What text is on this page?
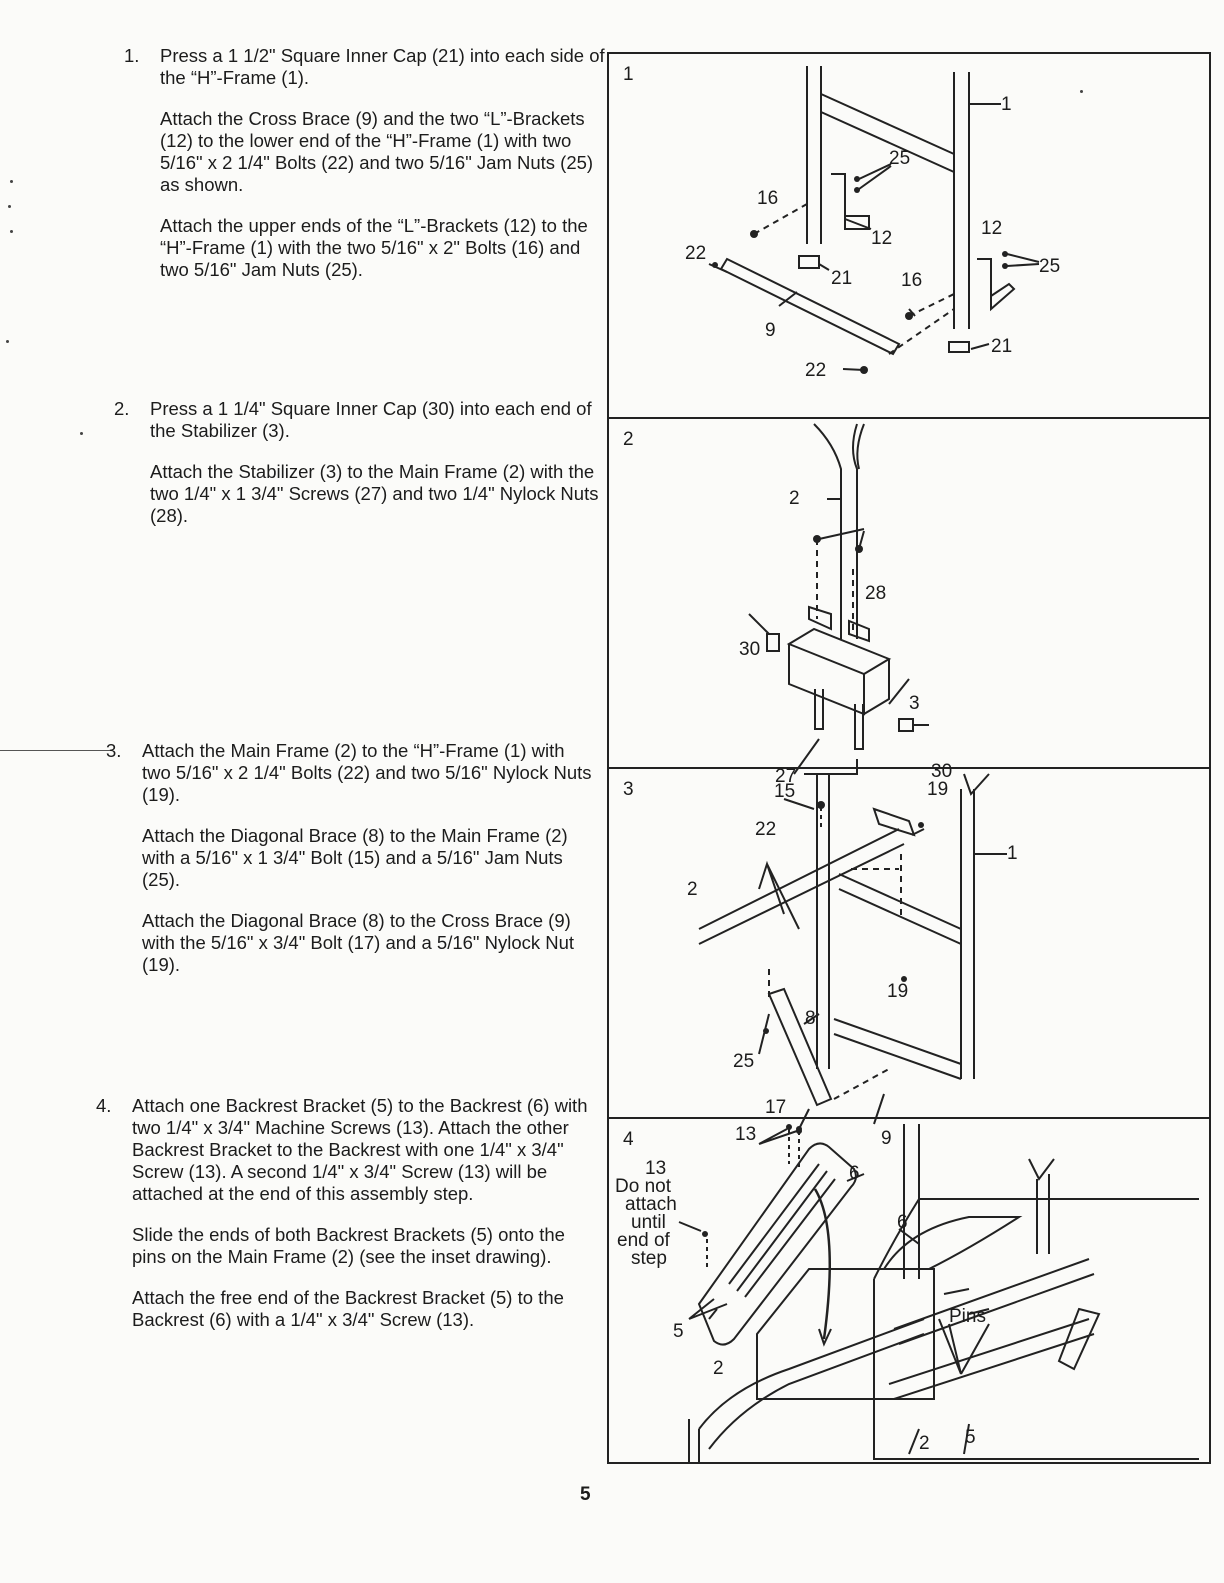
1. Press a 1 1/2" Square Inner Cap (21) into each side of the “H”-Frame (1).

Attach the Cross Brace (9) and the two “L”-Brackets (12) to the lower end of the “H”-Frame (1) with two 5/16" x 2 1/4" Bolts (22) and two 5/16" Jam Nuts (25) as shown.

Attach the upper ends of the “L”-Brackets (12) to the “H”-Frame (1) with the two 5/16" x 2" Bolts (16) and two 5/16" Jam Nuts (25).

2. Press a 1 1/4" Square Inner Cap (30) into each end of the Stabilizer (3).

Attach the Stabilizer (3) to the Main Frame (2) with the two 1/4" x 1 3/4" Screws (27) and two 1/4" Nylock Nuts (28).

3. Attach the Main Frame (2) to the “H”-Frame (1) with two 5/16" x 2 1/4" Bolts (22) and two 5/16" Nylock Nuts (19).

Attach the Diagonal Brace (8) to the Main Frame (2) with a 5/16" x 1 3/4" Bolt (15) and a 5/16" Jam Nuts (25).

Attach the Diagonal Brace (8) to the Cross Brace (9) with the 5/16" x 3/4" Bolt (17) and a 5/16" Nylock Nut (19).

4. Attach one Backrest Bracket (5) to the Backrest (6) with two 1/4" x 3/4" Machine Screws (13). Attach the other Backrest Bracket to the Backrest with one 1/4" x 3/4" Screw (13). A second 1/4" x 3/4" Screw (13) will be attached at the end of this assembly step.

Slide the ends of both Backrest Brackets (5) onto the pins on the Main Frame (2) (see the inset drawing).

Attach the free end of the Backrest Bracket (5) to the Backrest (6) with a 1/4" x 3/4" Screw (13).

1
1
25
16
12	12
22
21	16
25
9
21
22
2
2
28
30
3
27	30
3	15	19
22
1
2
8
19
25
17
9
4	13
13
Do not
attach
until
end of
step
6
5
6
Pins
2
2 5
5
